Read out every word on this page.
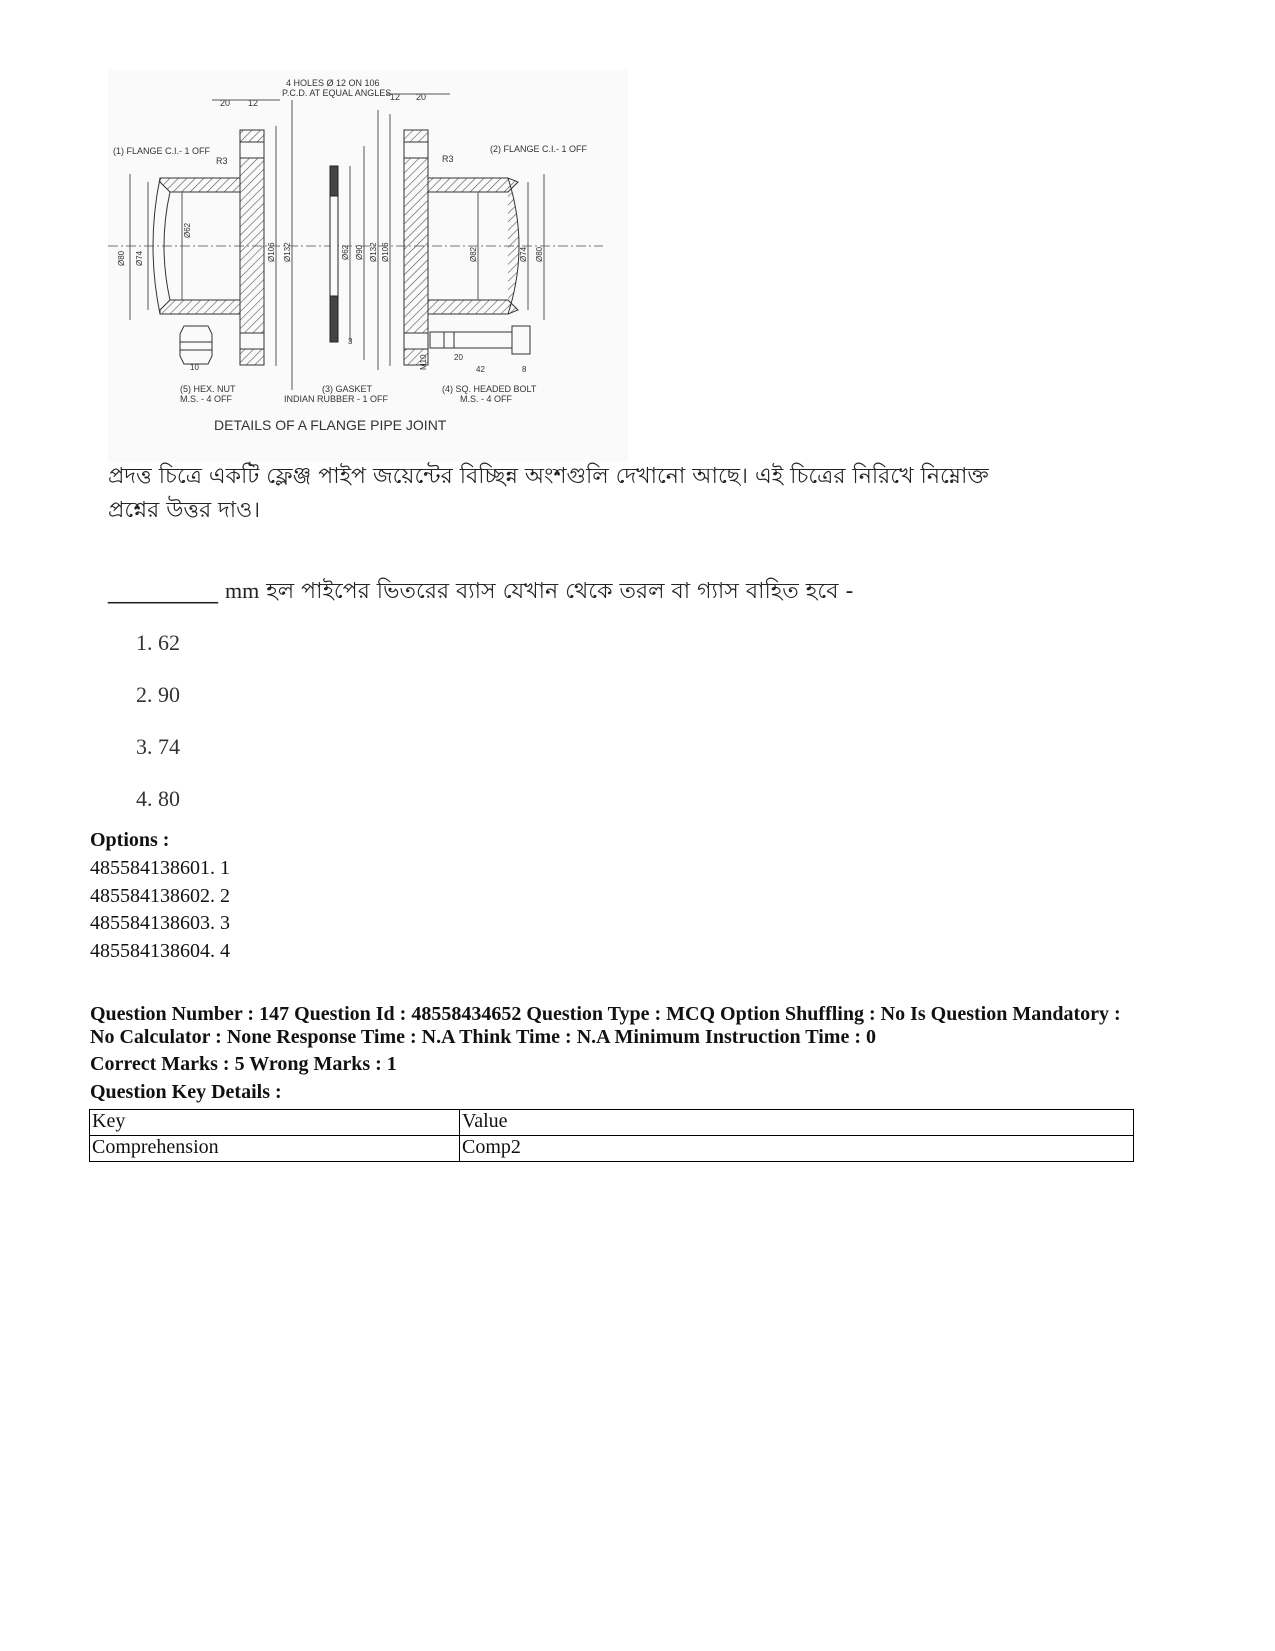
4 HOLES Ø 12 ON 106
P.C.D. AT EQUAL ANGLES
(1) FLANGE C.I.- 1 OFF
R3
20 12
Ø80 Ø74
Ø62
Ø106 Ø132
10
(5) HEX. NUT
M.S. - 4 OFF
Ø62 Ø90 Ø132
3
(3) GASKET
INDIAN RUBBER - 1 OFF
12 20
R3
(2) FLANGE C.I.- 1 OFF
Ø106	Ø82	Ø74 Ø80
M10	20
42	8
(4) SQ. HEADED BOLT
M.S. - 4 OFF
DETAILS OF A FLANGE PIPE JOINT
প্রদত্ত চিত্রে একটি ফ্লেঞ্জ পাইপ জয়েন্টের বিচ্ছিন্ন অংশগুলি দেখানো আছে। এই চিত্রের নিরিখে নিম্নোক্ত
প্রশ্নের উত্তর দাও।
__________ mm হল পাইপের ভিতরের ব্যাস যেখান থেকে তরল বা গ্যাস বাহিত হবে -
1. 62
2. 90
3. 74
4. 80
Options :
485584138601. 1
485584138602. 2
485584138603. 3
485584138604. 4
Question Number : 147 Question Id : 48558434652 Question Type : MCQ Option Shuffling : No Is Question Mandatory :
No Calculator : None Response Time : N.A Think Time : N.A Minimum Instruction Time : 0
Correct Marks : 5 Wrong Marks : 1
Question Key Details :
Key	Value
Comprehension	Comp2
